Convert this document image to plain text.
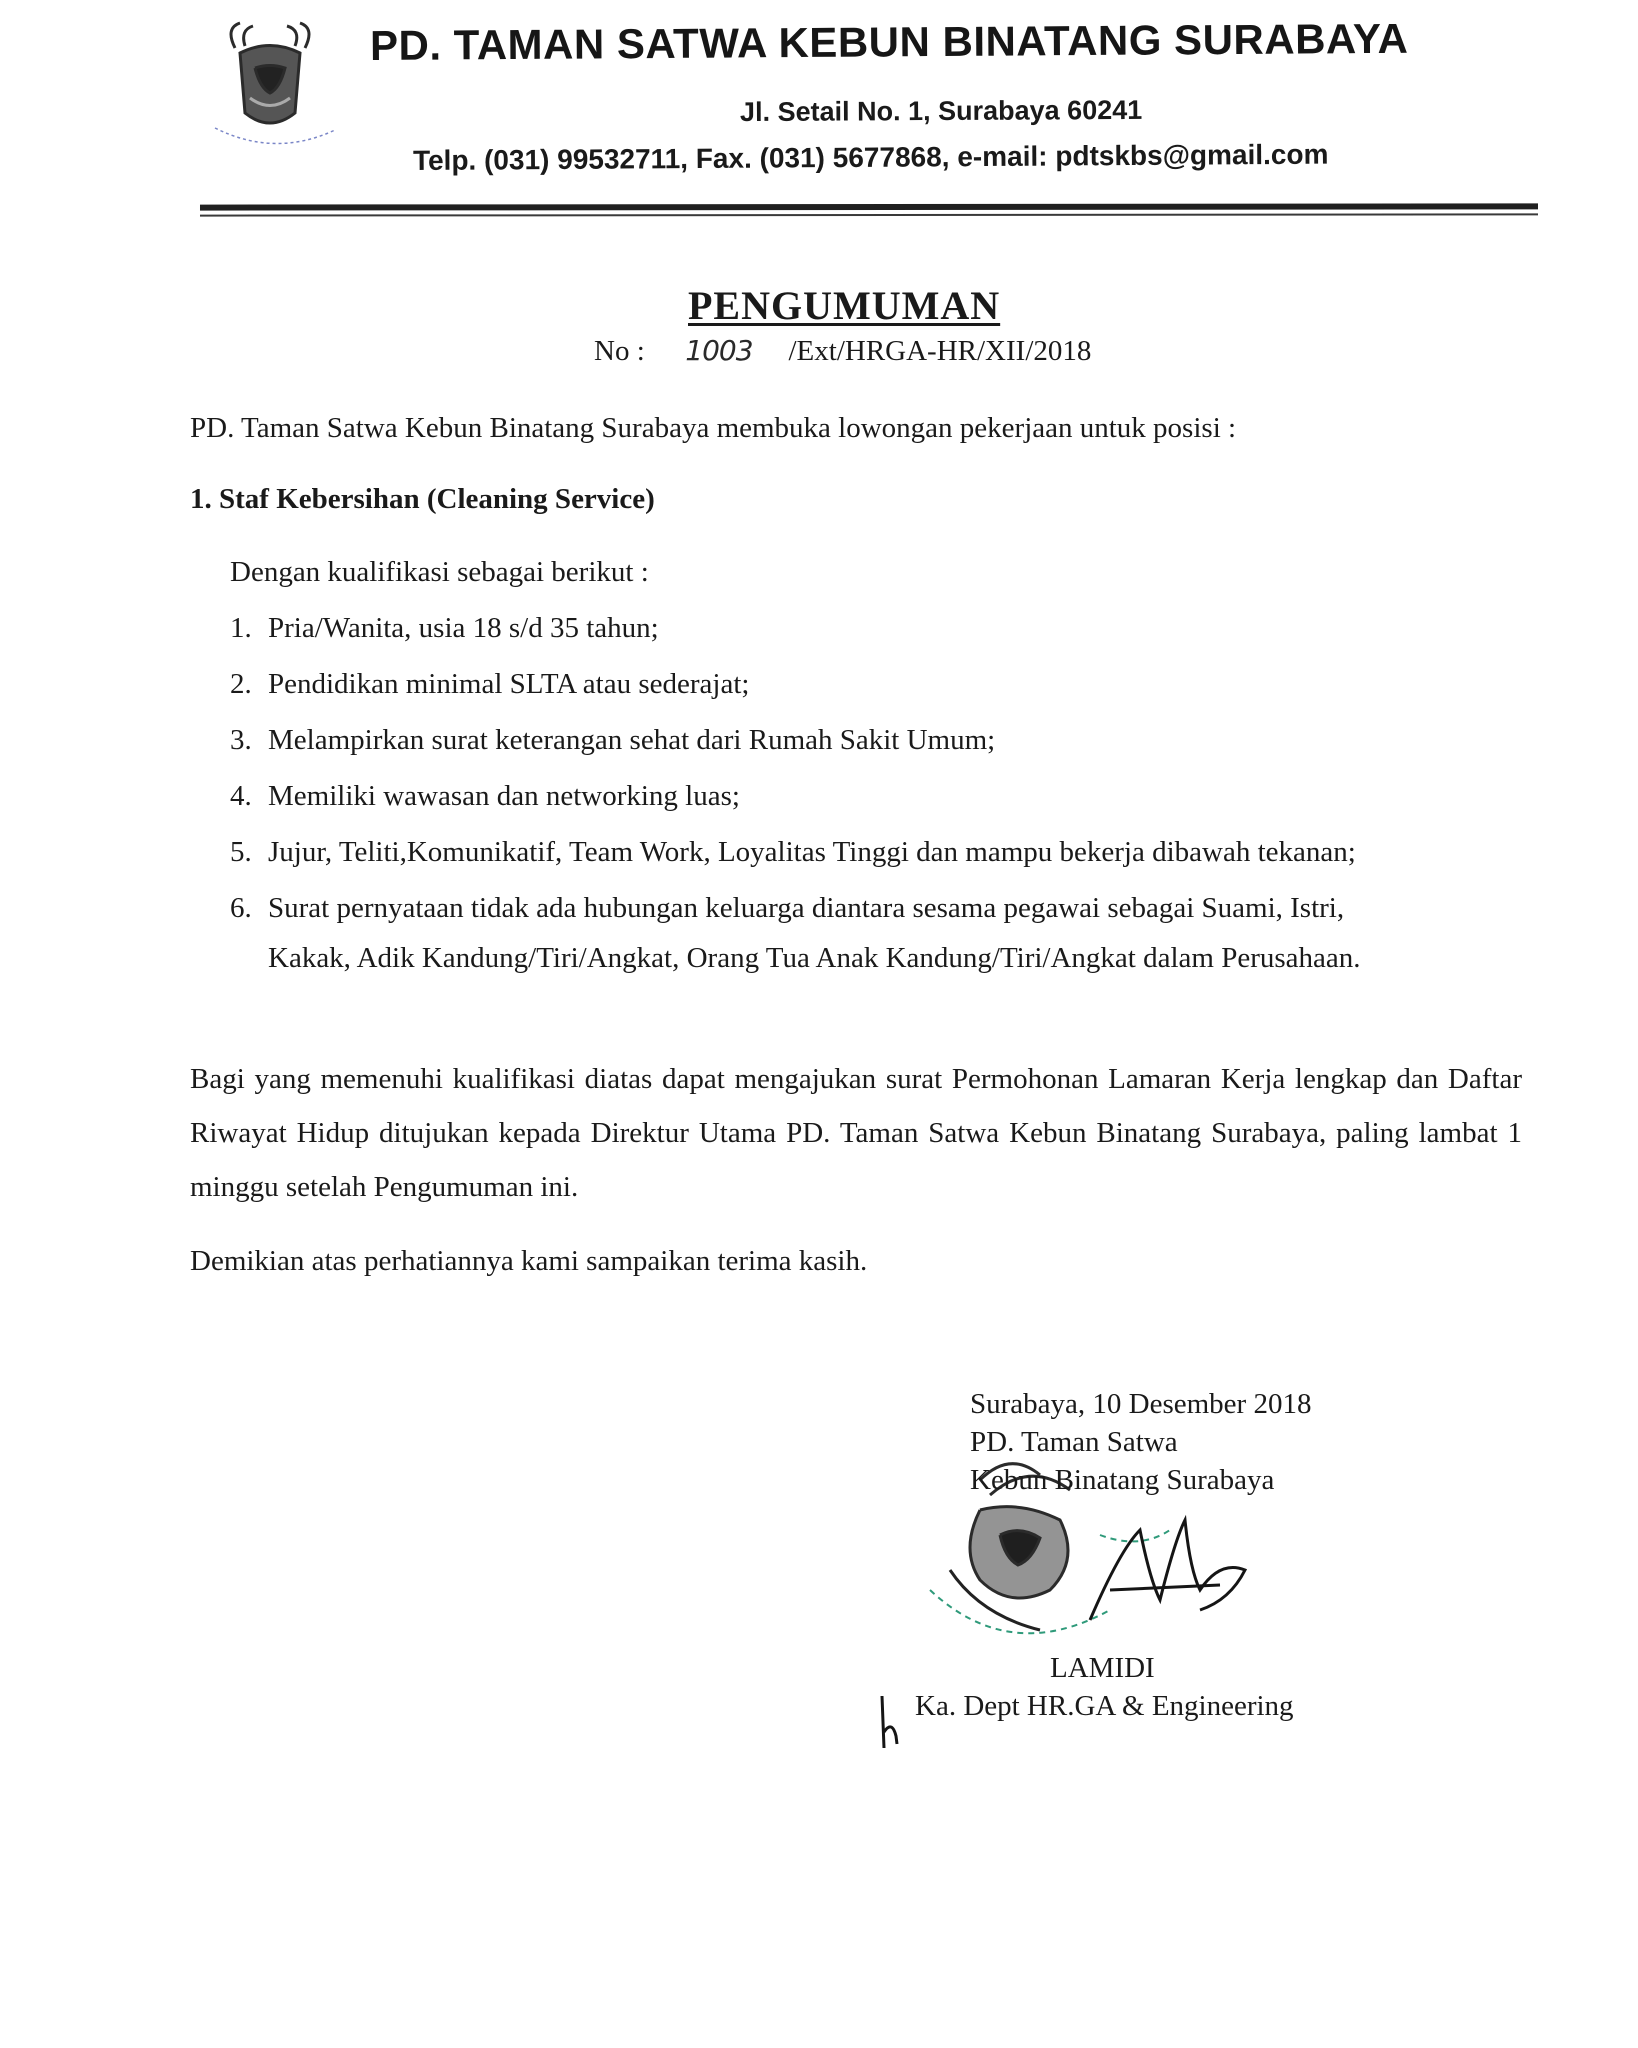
PD. TAMAN SATWA KEBUN BINATANG SURABAYA
Jl. Setail No. 1, Surabaya 60241
Telp. (031) 99532711, Fax. (031) 5677868, e-mail: pdtskbs@gmail.com
PENGUMUMAN
No : 1003 /Ext/HRGA-HR/XII/2018
PD. Taman Satwa Kebun Binatang Surabaya membuka lowongan pekerjaan untuk posisi :
1. Staf Kebersihan (Cleaning Service)
Dengan kualifikasi sebagai berikut :
1. Pria/Wanita, usia 18 s/d 35 tahun;
2. Pendidikan minimal SLTA atau sederajat;
3. Melampirkan surat keterangan sehat dari Rumah Sakit Umum;
4. Memiliki wawasan dan networking luas;
5. Jujur, Teliti,Komunikatif, Team Work, Loyalitas Tinggi dan mampu bekerja dibawah tekanan;
6. Surat pernyataan tidak ada hubungan keluarga diantara sesama pegawai sebagai Suami, Istri,
Kakak, Adik Kandung/Tiri/Angkat, Orang Tua Anak Kandung/Tiri/Angkat dalam Perusahaan.
Bagi yang memenuhi kualifikasi diatas dapat mengajukan surat Permohonan Lamaran Kerja lengkap dan Daftar Riwayat Hidup ditujukan kepada Direktur Utama PD. Taman Satwa Kebun Binatang Surabaya, paling lambat 1 minggu setelah Pengumuman ini.
Demikian atas perhatiannya kami sampaikan terima kasih.
Surabaya, 10 Desember 2018
PD. Taman Satwa
Kebun Binatang Surabaya
LAMIDI
Ka. Dept HR.GA & Engineering
